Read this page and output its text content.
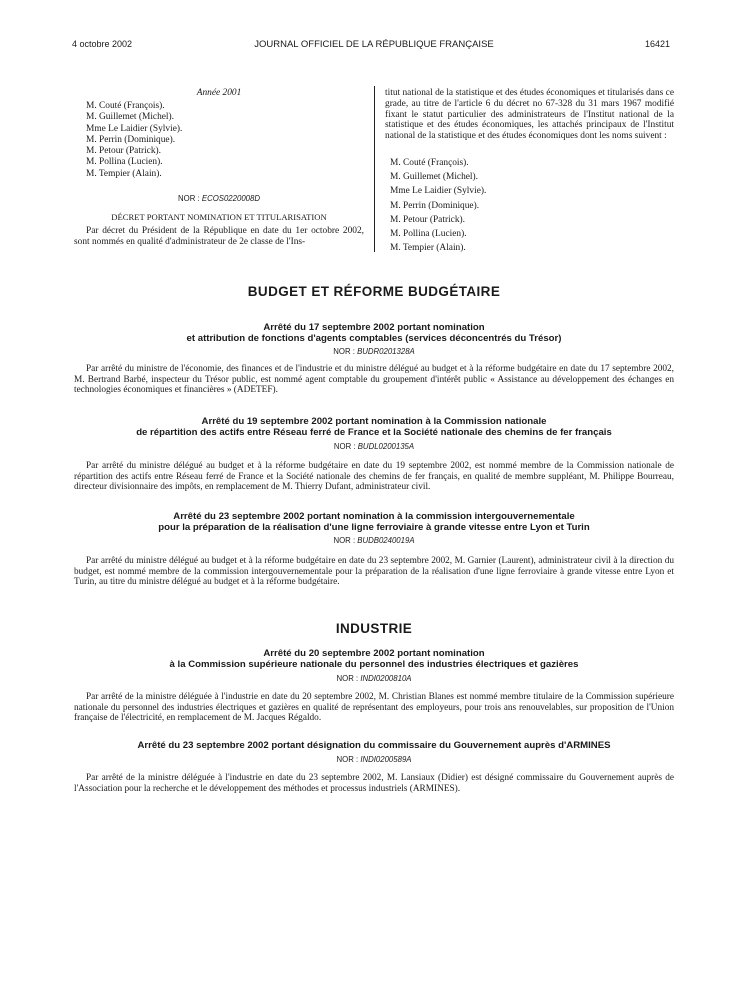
4 octobre 2002	JOURNAL OFFICIEL DE LA RÉPUBLIQUE FRANÇAISE	16421
Année 2001
M. Couté (François).
M. Guillemet (Michel).
Mme Le Laidier (Sylvie).
M. Perrin (Dominique).
M. Petour (Patrick).
M. Pollina (Lucien).
M. Tempier (Alain).
NOR : ECOS0220008D
DÉCRET PORTANT NOMINATION ET TITULARISATION
Par décret du Président de la République en date du 1er octobre 2002, sont nommés en qualité d'administrateur de 2e classe de l'Ins-
titut national de la statistique et des études économiques et titularisés dans ce grade, au titre de l'article 6 du décret no 67-328 du 31 mars 1967 modifié fixant le statut particulier des administrateurs de l'Institut national de la statistique et des études économiques, les attachés principaux de l'Institut national de la statistique et des études économiques dont les noms suivent :
M. Couté (François).
M. Guillemet (Michel).
Mme Le Laidier (Sylvie).
M. Perrin (Dominique).
M. Petour (Patrick).
M. Pollina (Lucien).
M. Tempier (Alain).
BUDGET ET RÉFORME BUDGÉTAIRE
Arrêté du 17 septembre 2002 portant nomination
et attribution de fonctions d'agents comptables (services déconcentrés du Trésor)
NOR : BUDR0201328A
Par arrêté du ministre de l'économie, des finances et de l'industrie et du ministre délégué au budget et à la réforme budgétaire en date du 17 septembre 2002, M. Bertrand Barbé, inspecteur du Trésor public, est nommé agent comptable du groupement d'intérêt public « Assistance au développement des échanges en technologies économiques et financières » (ADETEF).
Arrêté du 19 septembre 2002 portant nomination à la Commission nationale
de répartition des actifs entre Réseau ferré de France et la Société nationale des chemins de fer français
NOR : BUDL0200135A
Par arrêté du ministre délégué au budget et à la réforme budgétaire en date du 19 septembre 2002, est nommé membre de la Commission nationale de répartition des actifs entre Réseau ferré de France et la Société nationale des chemins de fer français, en qualité de membre suppléant, M. Philippe Bourreau, directeur divisionnaire des impôts, en remplacement de M. Thierry Dufant, administrateur civil.
Arrêté du 23 septembre 2002 portant nomination à la commission intergouvernementale
pour la préparation de la réalisation d'une ligne ferroviaire à grande vitesse entre Lyon et Turin
NOR : BUDB0240019A
Par arrêté du ministre délégué au budget et à la réforme budgétaire en date du 23 septembre 2002, M. Garnier (Laurent), administrateur civil à la direction du budget, est nommé membre de la commission intergouvernementale pour la préparation de la réalisation d'une ligne ferroviaire à grande vitesse entre Lyon et Turin, au titre du ministre délégué au budget et à la réforme budgétaire.
INDUSTRIE
Arrêté du 20 septembre 2002 portant nomination
à la Commission supérieure nationale du personnel des industries électriques et gazières
NOR : INDI0200810A
Par arrêté de la ministre déléguée à l'industrie en date du 20 septembre 2002, M. Christian Blanes est nommé membre titulaire de la Commission supérieure nationale du personnel des industries électriques et gazières en qualité de représentant des employeurs, pour trois ans renouvelables, sur proposition de l'Union française de l'électricité, en remplacement de M. Jacques Régaldo.
Arrêté du 23 septembre 2002 portant désignation du commissaire du Gouvernement auprès d'ARMINES
NOR : INDI0200589A
Par arrêté de la ministre déléguée à l'industrie en date du 23 septembre 2002, M. Lansiaux (Didier) est désigné commissaire du Gouvernement auprès de l'Association pour la recherche et le développement des méthodes et processus industriels (ARMINES).
